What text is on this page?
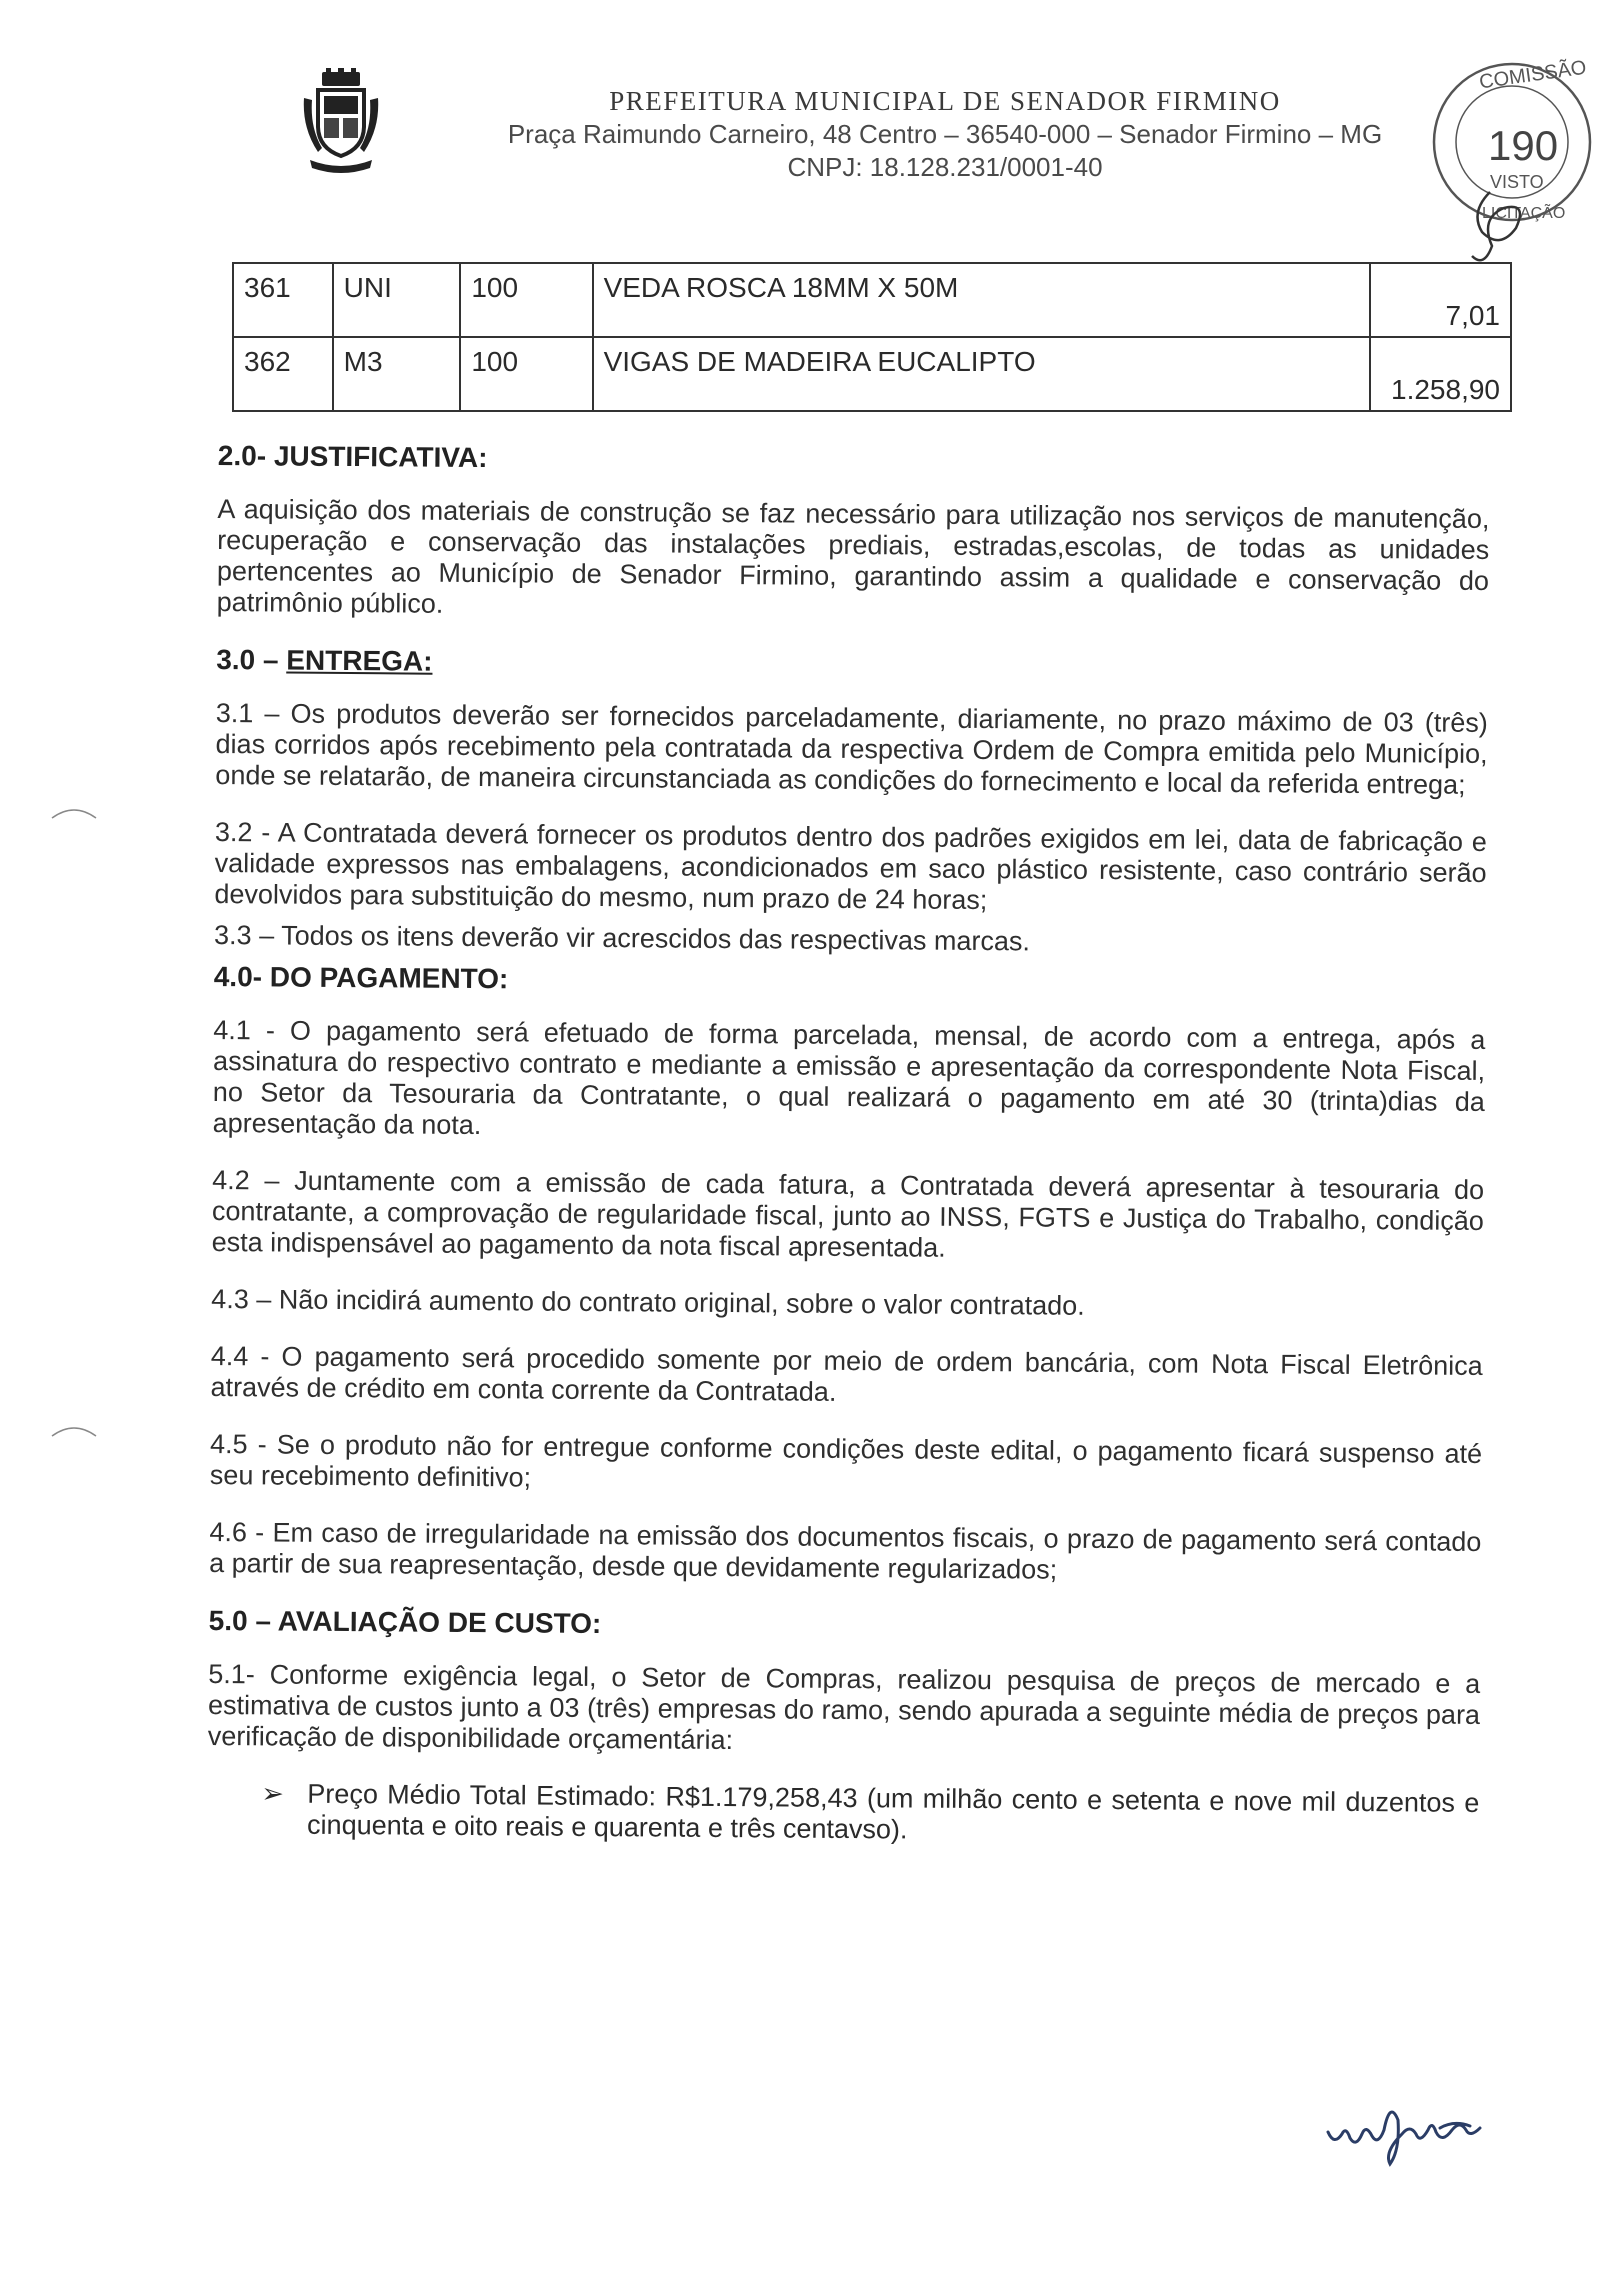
PREFEITURA MUNICIPAL DE SENADOR FIRMINO
Praça Raimundo Carneiro, 48 Centro – 36540-000 – Senador Firmino – MG
CNPJ: 18.128.231/0001-40
COMISSÃO
190
VISTO
LICITAÇÃO
361	UNI	100	VEDA ROSCA 18MM X 50M	7,01
362	M3	100	VIGAS DE MADEIRA EUCALIPTO	1.258,90
2.0- JUSTIFICATIVA:

A aquisição dos materiais de construção se faz necessário para utilização nos serviços de manutenção, recuperação e conservação das instalações prediais, estradas,escolas, de todas as unidades pertencentes ao Município de Senador Firmino, garantindo assim a qualidade e conservação do patrimônio público.

3.0 – ENTREGA:

3.1 – Os produtos deverão ser fornecidos parceladamente, diariamente, no prazo máximo de 03 (três) dias corridos após recebimento pela contratada da respectiva Ordem de Compra emitida pelo Município, onde se relatarão, de maneira circunstanciada as condições do fornecimento e local da referida entrega;

3.2 - A Contratada deverá fornecer os produtos dentro dos padrões exigidos em lei, data de fabricação e validade expressos nas embalagens, acondicionados em saco plástico resistente, caso contrário serão devolvidos para substituição do mesmo, num prazo de 24 horas;

3.3 – Todos os itens deverão vir acrescidos das respectivas marcas.

4.0- DO PAGAMENTO:

4.1 - O pagamento será efetuado de forma parcelada, mensal, de acordo com a entrega, após a assinatura do respectivo contrato e mediante a emissão e apresentação da correspondente Nota Fiscal, no Setor da Tesouraria da Contratante, o qual realizará o pagamento em até 30 (trinta)dias da apresentação da nota.

4.2 – Juntamente com a emissão de cada fatura, a Contratada deverá apresentar à tesouraria do contratante, a comprovação de regularidade fiscal, junto ao INSS, FGTS e Justiça do Trabalho, condição esta indispensável ao pagamento da nota fiscal apresentada.

4.3 – Não incidirá aumento do contrato original, sobre o valor contratado.

4.4 - O pagamento será procedido somente por meio de ordem bancária, com Nota Fiscal Eletrônica através de crédito em conta corrente da Contratada.

4.5 - Se o produto não for entregue conforme condições deste edital, o pagamento ficará suspenso até seu recebimento definitivo;

4.6 - Em caso de irregularidade na emissão dos documentos fiscais, o prazo de pagamento será contado a partir de sua reapresentação, desde que devidamente regularizados;

5.0 – AVALIAÇÃO DE CUSTO:

5.1- Conforme exigência legal, o Setor de Compras, realizou pesquisa de preços de mercado e a estimativa de custos junto a 03 (três) empresas do ramo, sendo apurada a seguinte média de preços para verificação de disponibilidade orçamentária:

➢ Preço Médio Total Estimado: R$1.179,258,43 (um milhão cento e setenta e nove mil duzentos e cinquenta e oito reais e quarenta e três centavso).
